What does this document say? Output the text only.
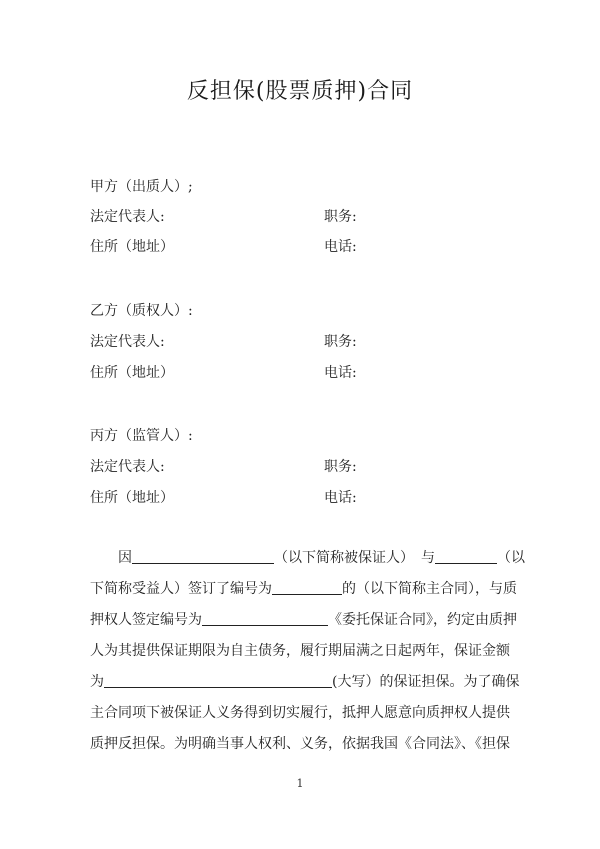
反担保(股票质押)合同
甲方（出质人）;
法定代表人:	职务:
住所（地址）	电话:
乙方（质权人）:
法定代表人:	职务:
住所（地址）	电话:
丙方（监管人）:
法定代表人:	职务:
住所（地址）	电话:
因	（以下简称被保证人）　与	（以
下简称受益人）签订了编号为	的（以下简称主合同），与质
押权人签定编号为	《委托保证合同》，约定由质押
人为其提供保证期限为自主债务，履行期届满之日起两年，保证金额
为	(大写）的保证担保。为了确保
主合同项下被保证人义务得到切实履行，抵押人愿意向质押权人提供
质押反担保。为明确当事人权利、义务，依据我国《合同法》、《担保
1
